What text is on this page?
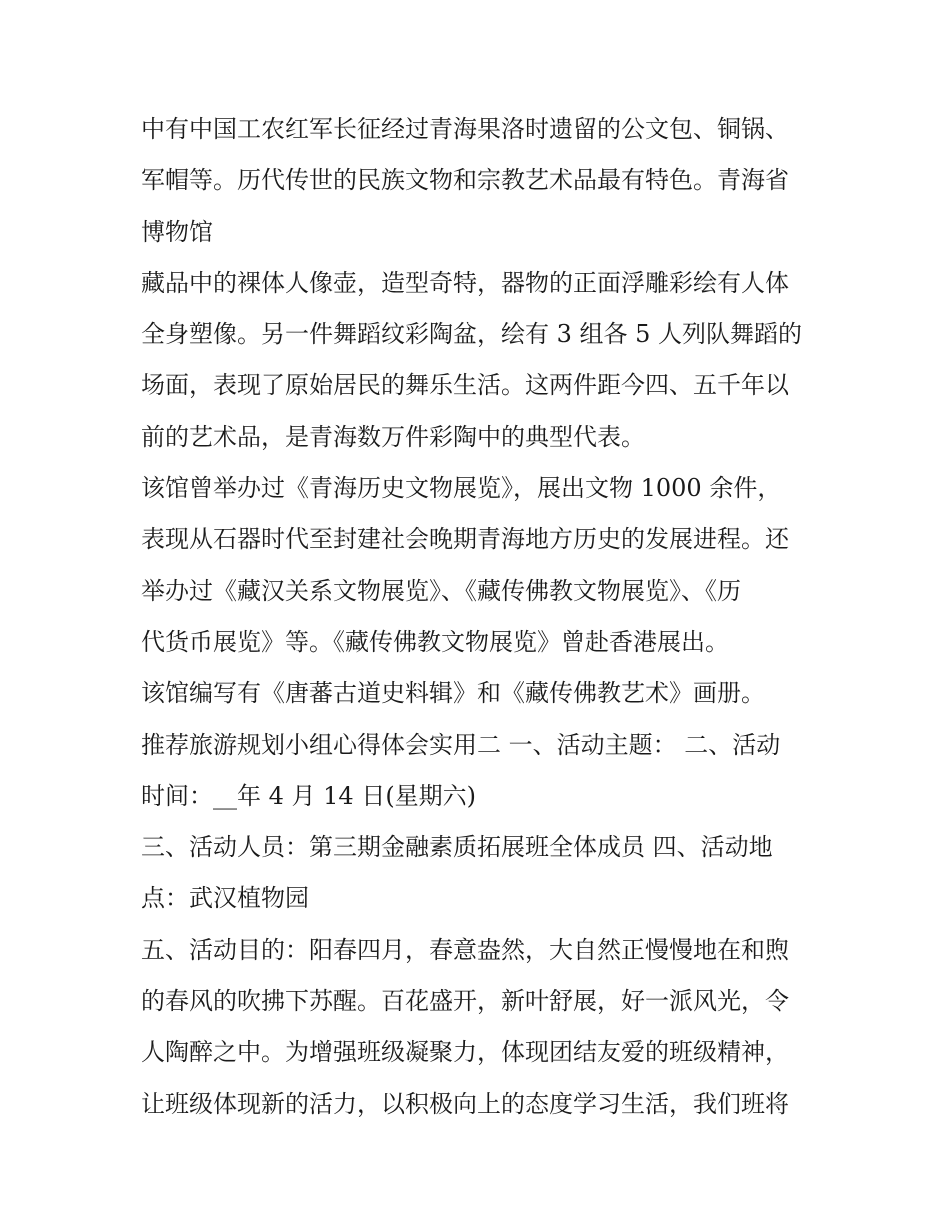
中有中国工农红军长征经过青海果洛时遗留的公文包、铜锅、
军帽等。历代传世的民族文物和宗教艺术品最有特色。青海省
博物馆
藏品中的裸体人像壶，造型奇特，器物的正面浮雕彩绘有人体
全身塑像。另一件舞蹈纹彩陶盆，绘有 3 组各 5 人列队舞蹈的
场面，表现了原始居民的舞乐生活。这两件距今四、五千年以
前的艺术品，是青海数万件彩陶中的典型代表。
该馆曾举办过《青海历史文物展览》，展出文物 1000 余件，
表现从石器时代至封建社会晚期青海地方历史的发展进程。还
举办过《藏汉关系文物展览》、《藏传佛教文物展览》、《历
代货币展览》等。《藏传佛教文物展览》曾赴香港展出。
该馆编写有《唐蕃古道史料辑》和《藏传佛教艺术》画册。
推荐旅游规划小组心得体会实用二 一、活动主题： 二、活动
时间：__年 4 月 14 日(星期六)
三、活动人员：第三期金融素质拓展班全体成员 四、活动地
点：武汉植物园
五、活动目的：阳春四月，春意盎然，大自然正慢慢地在和煦
的春风的吹拂下苏醒。百花盛开，新叶舒展，好一派风光，令
人陶醉之中。为增强班级凝聚力，体现团结友爱的班级精神，
让班级体现新的活力，以积极向上的态度学习生活，我们班将
